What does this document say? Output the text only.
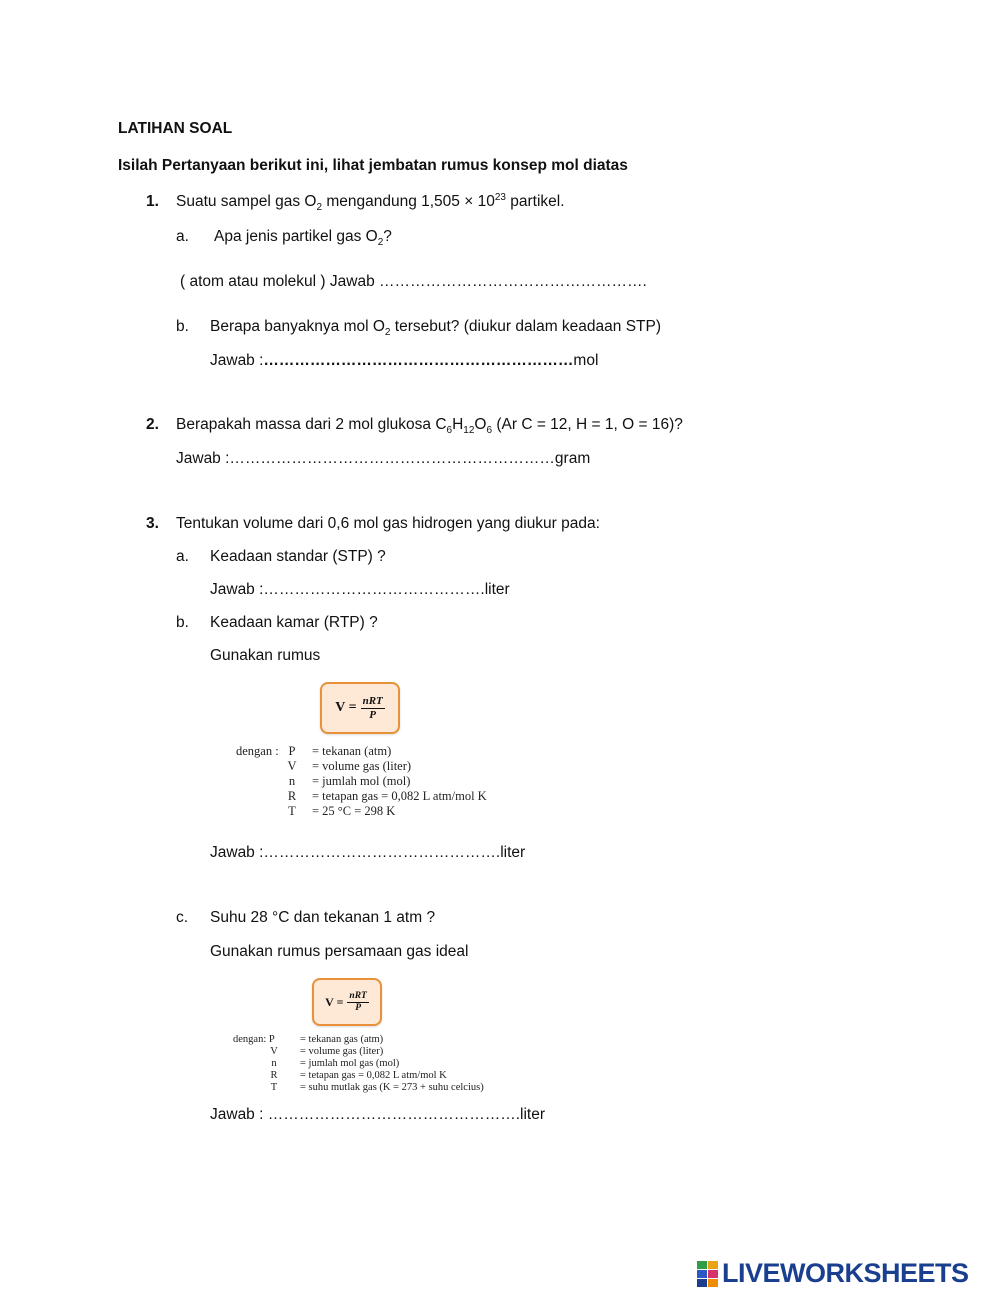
LATIHAN SOAL
Isilah Pertanyaan berikut ini, lihat jembatan rumus konsep mol diatas
1. Suatu sampel gas $O_2$ mengandung $1,505 \times 10^{23}$ partikel.
a. Apa jenis partikel gas $O_2$?
( atom atau molekul ) Jawab …………………………………………….
b. Berapa banyaknya mol $O_2$ tersebut? (diukur dalam keadaan STP)
Jawab :……………………………………………………mol
2. Berapakah massa dari 2 mol glukosa $C_6H_{12}O_6$ (Ar C = 12, H = 1, O = 16)?
Jawab :………………………………………………………gram
3. Tentukan volume dari 0,6 mol gas hidrogen yang diukur pada:
a. Keadaan standar (STP) ?
Jawab :…………………………………….liter
b. Keadaan kamar (RTP) ?
Gunakan rumus
$V = \frac{\text{nRT}}{P}$
dengan : P	= tekanan (atm)
V = volume gas (liter)
n	= jumlah mol (mol)
R	= tetapan gas = 0,082 L atm/mol K
T	= 25 °C = 298 K
Jawab :……………………………………….liter
c. Suhu 28 °C dan tekanan 1 atm ?
Gunakan rumus persamaan gas ideal
$V = \frac{\text{nRT}}{P}$
dengan: P	= tekanan gas (atm)
V	= volume gas (liter)
n	= jumlah mol gas (mol)
R	= tetapan gas = 0,082 L atm/mol K
T	= suhu mutlak gas (K = 273 + suhu celcius)
Jawab : ………………………………………….liter
LIVEWORKSHEETS
